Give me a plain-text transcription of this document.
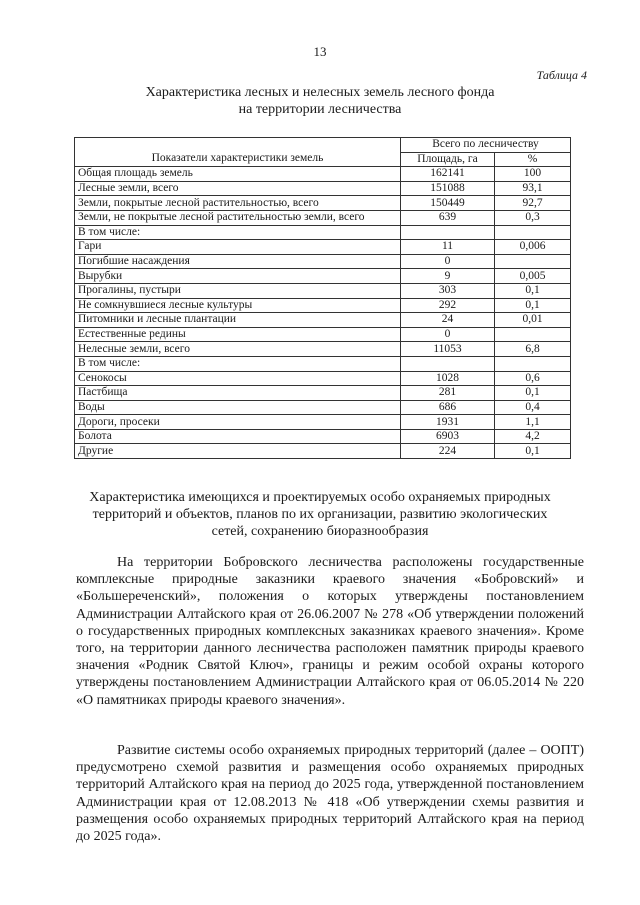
13
Таблица 4
Характеристика лесных и нелесных земель лесного фонда
на территории лесничества
Показатели характеристики земель	Всего по лесничеству	
	Площадь, га	%
Общая площадь земель	162141	100
Лесные земли, всего	151088	93,1
Земли, покрытые лесной растительностью, всего	150449	92,7
Земли, не покрытые лесной растительностью земли, всего	639	0,3
В том числе:		
Гари	11	0,006
Погибшие насаждения	0	
Вырубки	9	0,005
Прогалины, пустыри	303	0,1
Не сомкнувшиеся лесные культуры	292	0,1
Питомники и лесные плантации	24	0,01
Естественные редины	0	
Нелесные земли, всего	11053	6,8
В том числе:		
Сенокосы	1028	0,6
Пастбища	281	0,1
Воды	686	0,4
Дороги, просеки	1931	1,1
Болота	6903	4,2
Другие	224	0,1
Характеристика имеющихся и проектируемых особо охраняемых природных
территорий и объектов, планов по их организации, развитию экологических
сетей, сохранению биоразнообразия

На территории Бобровского лесничества расположены государственные комплексные природные заказники краевого значения «Бобровский» и «Большереченский», положения о которых утверждены постановлением Администрации Алтайского края от 26.06.2007 № 278 «Об утверждении положений о государственных природных комплексных заказниках краевого значения». Кроме того, на территории данного лесничества расположен памятник природы краевого значения «Родник Святой Ключ», границы и режим особой охраны которого утверждены постановлением Администрации Алтайского края от 06.05.2014 № 220 «О памятниках природы краевого значения».

Развитие системы особо охраняемых природных территорий (далее – ООПТ) предусмотрено схемой развития и размещения особо охраняемых природных территорий Алтайского края на период до 2025 года, утвержденной постановлением Администрации края от 12.08.2013 № 418 «Об утверждении схемы развития и размещения особо охраняемых природных территорий Алтайского края на период до 2025 года».
